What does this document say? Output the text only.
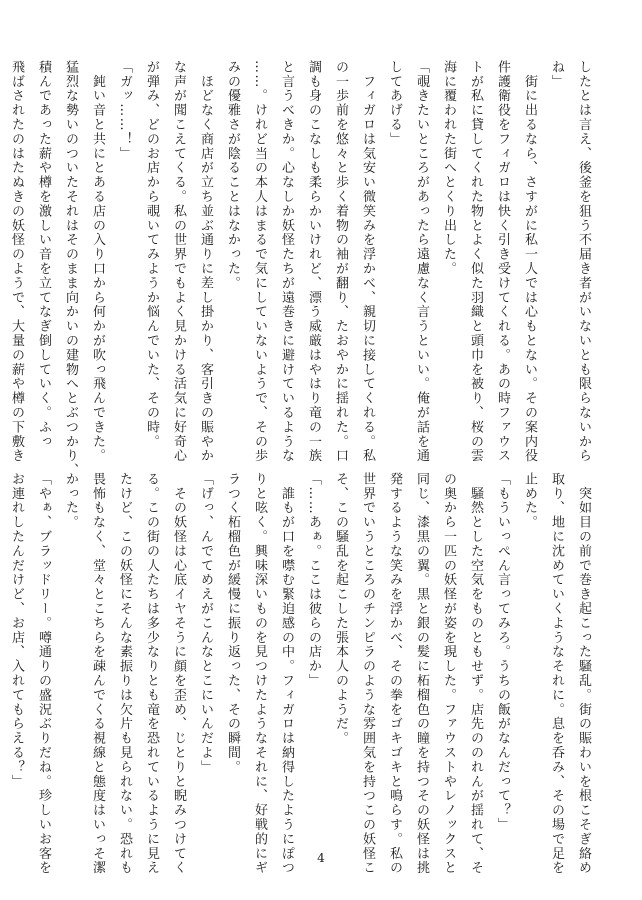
したとは言え、後釜を狙う不届き者がいないとも限らないから

ね」

　街に出るなら、さすがに私一人では心もとない。その案内役

件護衛役をフィガロは快く引き受けてくれる。あの時ファウス

トが私に貸してくれた物とよく似た羽織と頭巾を被り、桜の雲

海に覆われた街へとくり出した。

「覗きたいところがあったら遠慮なく言うといい。俺が話を通

してあげる」

　フィガロは気安い微笑みを浮かべ、親切に接してくれる。私

の一歩前を悠々と歩く着物の袖が翻り、たおやかに揺れた。口

調も身のこなしも柔らかいけれど、漂う威厳はやはり竜の一族

と言うべきか。心なしか妖怪たちが遠巻きに避けているような

……。けれど当の本人はまるで気にしていないようで、その歩

みの優雅さが陰ることはなかった。

　ほどなく商店が立ち並ぶ通りに差し掛かり、客引きの賑やか

な声が聞こえてくる。私の世界でもよく見かける活気に好奇心

が弾み、どのお店から覗いてみようか悩んでいた、その時。

「ガッ……！」

　鈍い音と共にとある店の入り口から何かが吹っ飛んできた。

猛烈な勢いのついたそれはそのまま向かいの建物へとぶつかり、

積んであった薪や樽を激しい音を立てなぎ倒していく。ふっ

飛ばされたのはたぬきの妖怪のようで、大量の薪や樽の下敷き

　突如目の前で巻き起こった騒乱。街の賑わいを根こそぎ絡め

取り、地に沈めていくようなそれに。息を呑み、その場で足を

止めた。

「もういっぺん言ってみろ。うちの飯がなんだって？」

　騒然とした空気をものともせず。店先ののれんが揺れて、そ

の奥から一匹の妖怪が姿を現した。ファウストやレノックスと

同じ、漆黒の翼。黒と銀の髪に柘榴色の瞳を持つその妖怪は挑

発するような笑みを浮かべ、その拳をゴキゴキと鳴らす。私の

世界でいうところのチンピラのような雰囲気を持つこの妖怪こ

そ、この騒乱を起こした張本人のようだ。

「……あぁ。ここは彼らの店か」

　誰もが口を噤む緊迫感の中。フィガロは納得したようにぽつ

りと呟く。興味深いものを見つけたようなそれに、好戦的にギ

ラつく柘榴色が緩慢に振り返った、その瞬間。

「げっ、んでてめえがこんなとこにいんだよ」

　その妖怪は心底イヤそうに顔を歪め、じとりと睨みつけてく

る。この街の人たちは多少なりとも竜を恐れているように見え

たけど、この妖怪にそんな素振りは欠片も見られない。恐れも

畏怖もなく、堂々とこちらを疎んでくる視線と態度はいっそ潔

かった。

「やぁ、ブラッドリー。噂通りの盛況ぶりだね。珍しいお客を

お連れしたんだけど、お店、入れてもらえる？」

4
